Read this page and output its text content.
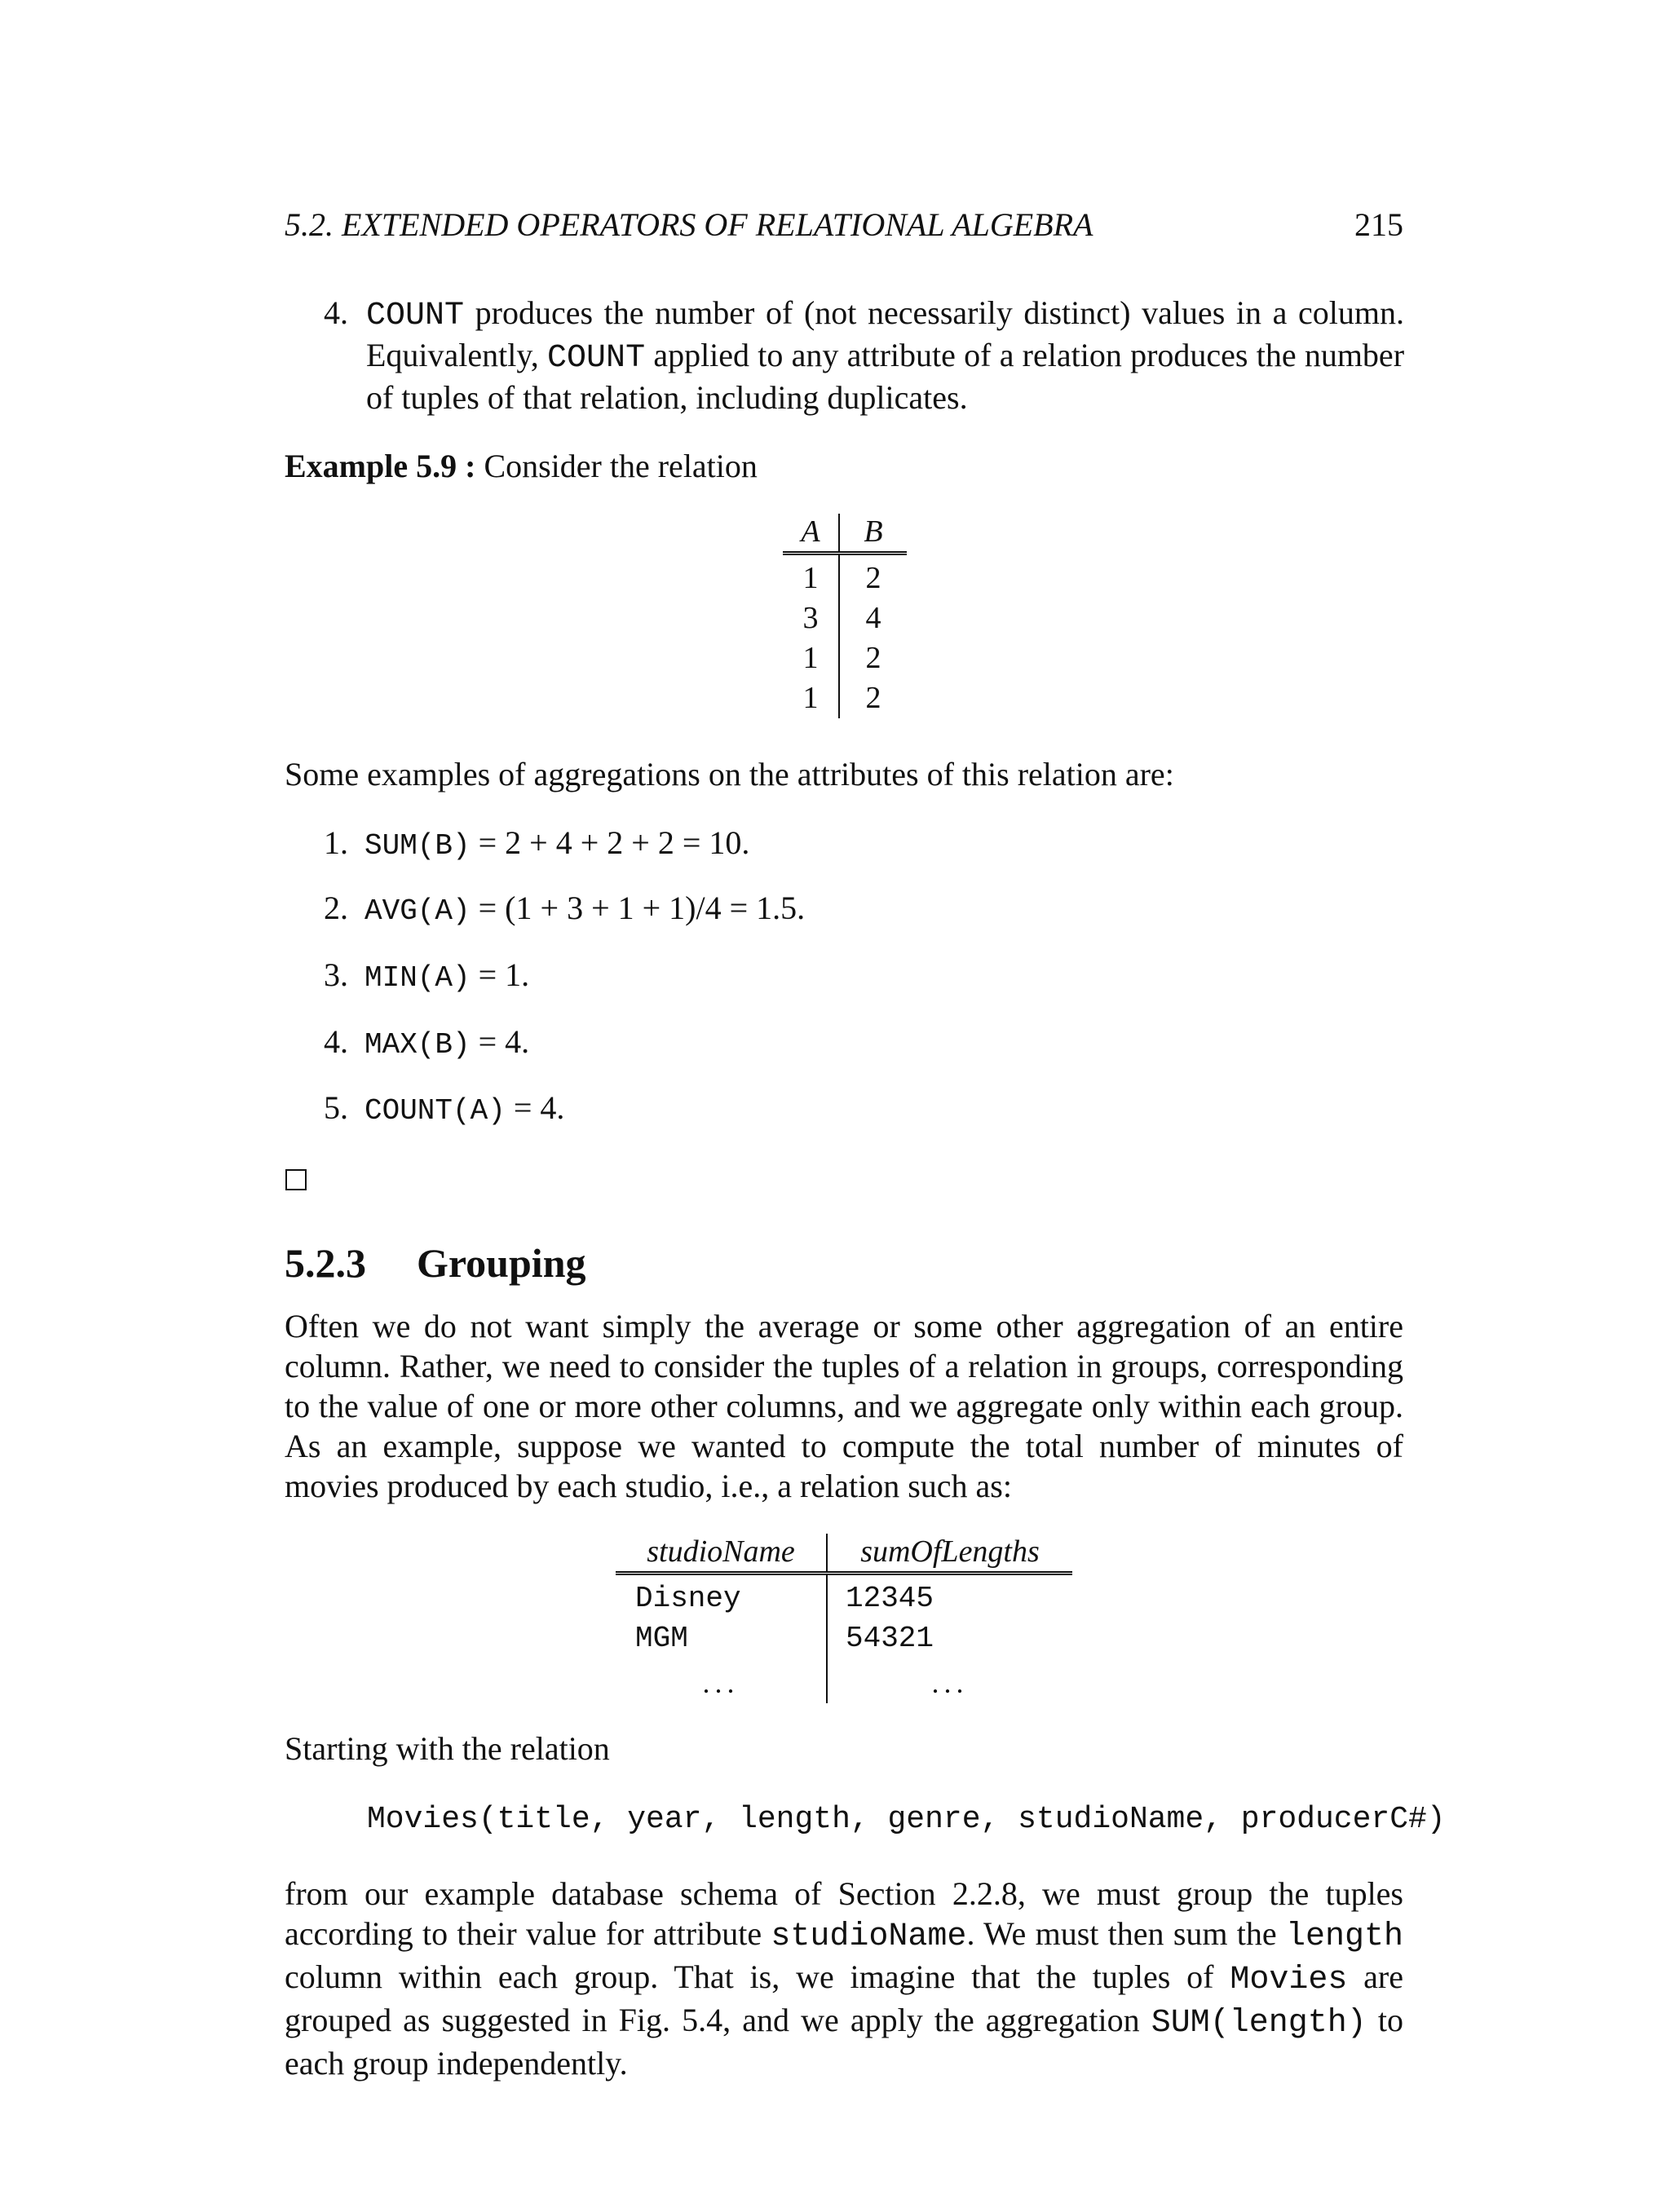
5.2. EXTENDED OPERATORS OF RELATIONAL ALGEBRA	215
4. COUNT produces the number of (not necessarily distinct) values in a column. Equivalently, COUNT applied to any attribute of a relation produces the number of tuples of that relation, including duplicates.
Example 5.9 : Consider the relation
A	B
1	2
3	4
1	2
1	2
Some examples of aggregations on the attributes of this relation are:
1. SUM(B) = 2 + 4 + 2 + 2 = 10.
2. AVG(A) = (1 + 3 + 1 + 1)/4 = 1.5.
3. MIN(A) = 1.
4. MAX(B) = 4.
5. COUNT(A) = 4.
5.2.3 Grouping
Often we do not want simply the average or some other aggregation of an entire column. Rather, we need to consider the tuples of a relation in groups, corresponding to the value of one or more other columns, and we aggregate only within each group. As an example, suppose we wanted to compute the total number of minutes of movies produced by each studio, i.e., a relation such as:
studioName	sumOfLengths
Disney	12345
MGM	54321
...	...
Starting with the relation
Movies(title, year, length, genre, studioName, producerC#)
from our example database schema of Section 2.2.8, we must group the tuples according to their value for attribute studioName. We must then sum the length column within each group. That is, we imagine that the tuples of Movies are grouped as suggested in Fig. 5.4, and we apply the aggregation SUM(length) to each group independently.
